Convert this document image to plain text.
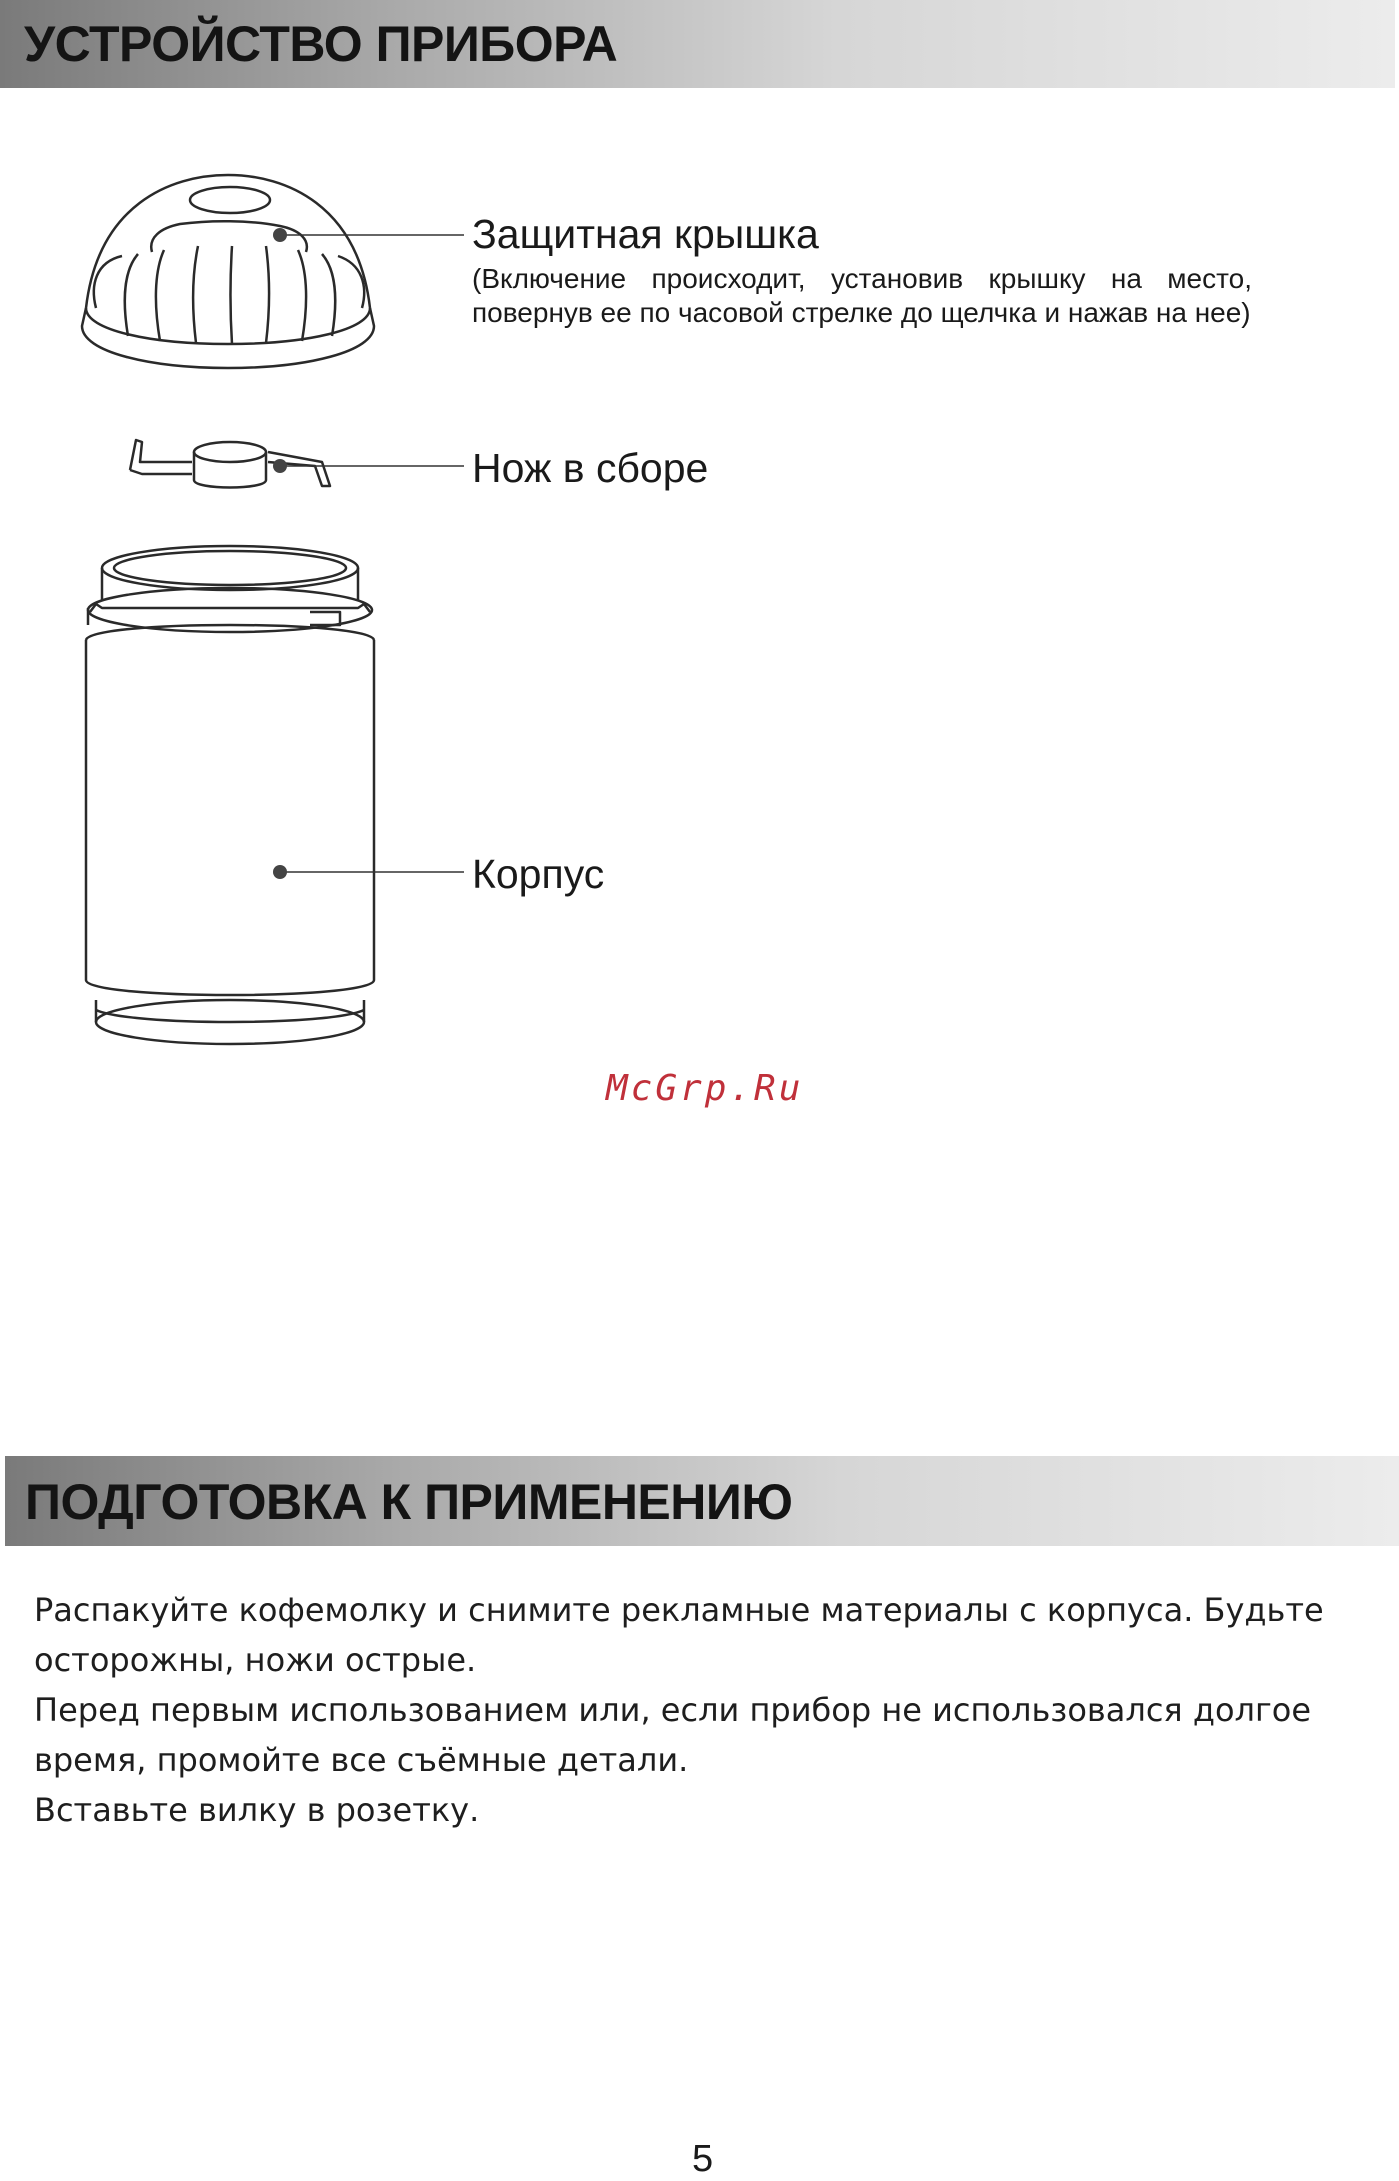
УСТРОЙСТВО ПРИБОРА
Защитная крышка
(Включение происходит, установив крышку на место, повернув ее по часовой стрелке до щелчка и нажав на нее)
Нож в сборе
Корпус
McGrp.Ru
ПОДГОТОВКА К ПРИМЕНЕНИЮ

Распакуйте кофемолку и снимите рекламные материалы с корпуса. Будьте осторожны, ножи острые.

Перед первым использованием или, если прибор не использовался долгое время, промойте все съёмные детали.

Вставьте вилку в розетку.

5
